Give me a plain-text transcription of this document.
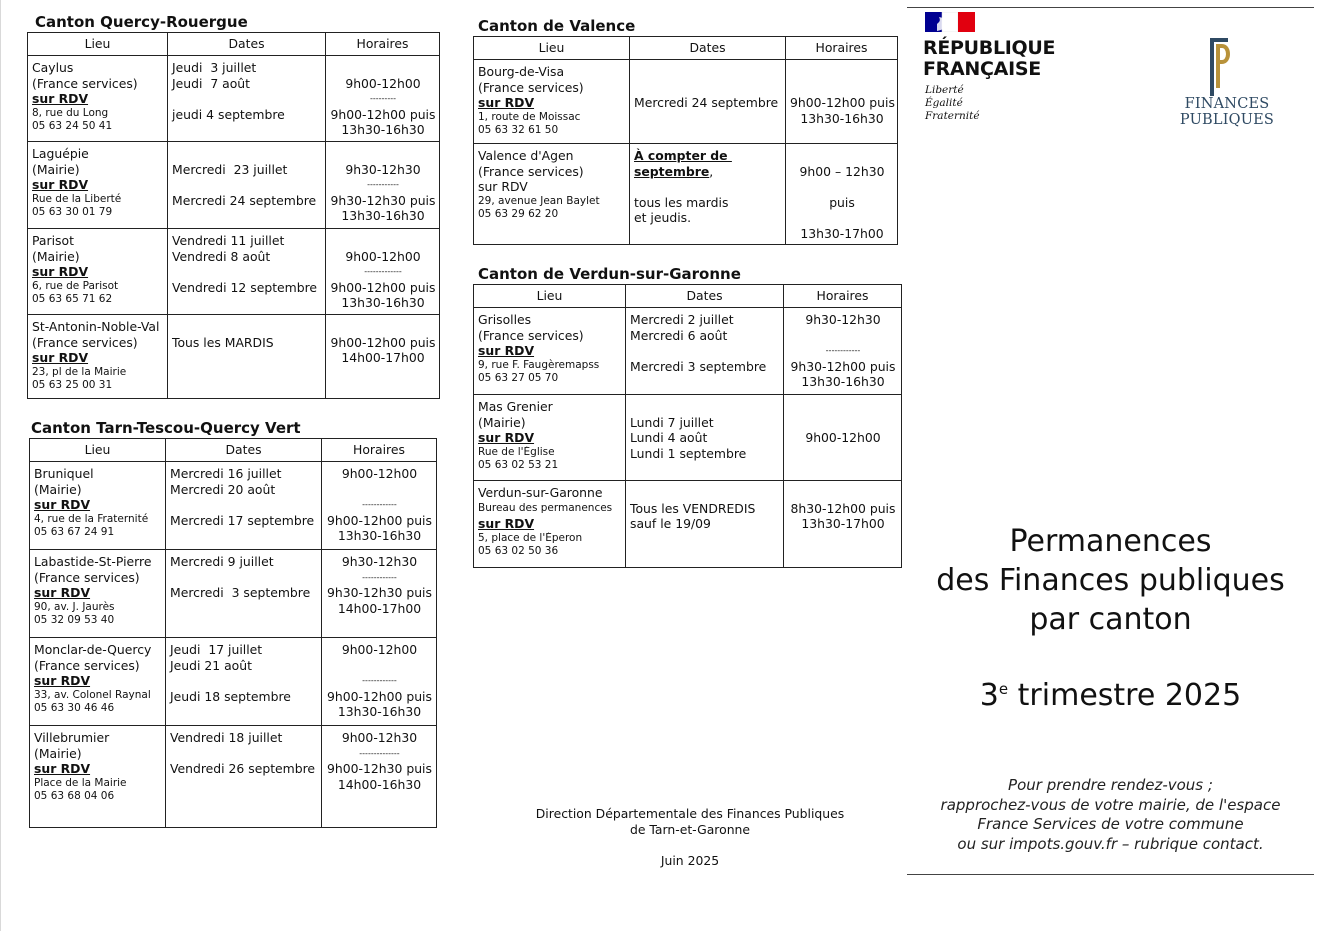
Canton Quercy-Rouergue
Lieu	Dates	Horaires

Caylus
(France services)
sur RDV
8, rue du Long
05 63 24 50 41	Jeudi  3 juillet
Jeudi  7 août
jeudi 4 septembre	9h00-12h00
---------
9h00-12h00 puis
13h30-16h30

Laguépie
(Mairie)
sur RDV
Rue de la Liberté
05 63 30 01 79	Mercredi  23 juillet
Mercredi 24 septembre	9h30-12h30
-----------
9h30-12h30 puis
13h30-16h30

Parisot
(Mairie)
sur RDV
6, rue de Parisot
05 63 65 71 62	Vendredi 11 juillet
Vendredi 8 août
Vendredi 12 septembre	9h00-12h00
-------------
9h00-12h00 puis
13h30-16h30

St-Antonin-Noble-Val
(France services)
sur RDV
23, pl de la Mairie
05 63 25 00 31	Tous les MARDIS	9h00-12h00 puis
14h00-17h00
Canton Tarn-Tescou-Quercy Vert
Lieu	Dates	Horaires

Bruniquel
(Mairie)
sur RDV
4, rue de la Fraternité
05 63 67 24 91	Mercredi 16 juillet
Mercredi 20 août
Mercredi 17 septembre	9h00-12h00
------------
9h00-12h00 puis
13h30-16h30

Labastide-St-Pierre
(France services)
sur RDV
90, av. J. Jaurès
05 32 09 53 40	Mercredi 9 juillet
Mercredi  3 septembre	9h30-12h30
------------
9h30-12h30 puis
14h00-17h00

Monclar-de-Quercy
(France services)
sur RDV
33, av. Colonel Raynal
05 63 30 46 46	Jeudi  17 juillet
Jeudi 21 août
Jeudi 18 septembre	9h00-12h00
------------
9h00-12h00 puis
13h30-16h30

Villebrumier
(Mairie)
sur RDV
Place de la Mairie
05 63 68 04 06	Vendredi 18 juillet
Vendredi 26 septembre	9h00-12h30
--------------
9h00-12h30 puis
14h00-16h30
Canton de Valence
Lieu	Dates	Horaires

Bourg-de-Visa
(France services)
sur RDV
1, route de Moissac
05 63 32 61 50	Mercredi 24 septembre	9h00-12h00 puis
13h30-16h30

Valence d'Agen
(France services)
sur RDV
29, avenue Jean Baylet
05 63 29 62 20	À compter de
septembre,
tous les mardis
et jeudis.	9h00 – 12h30
puis
13h30-17h00
Canton de Verdun-sur-Garonne
Lieu	Dates	Horaires

Grisolles
(France services)
sur RDV
9, rue F. Faugèremapss
05 63 27 05 70	Mercredi 2 juillet
Mercredi 6 août
Mercredi 3 septembre	9h30-12h30
------------
9h30-12h00 puis
13h30-16h30

Mas Grenier
(Mairie)
sur RDV
Rue de l'Église
05 63 02 53 21	Lundi 7 juillet
Lundi 4 août
Lundi 1 septembre	9h00-12h00

Verdun-sur-Garonne
Bureau des permanences
sur RDV
5, place de l'Éperon
05 63 02 50 36	Tous les VENDREDIS
sauf le 19/09	8h30-12h00 puis
13h30-17h00
Direction Départementale des Finances Publiques
de Tarn-et-Garonne
Juin 2025
RÉPUBLIQUE
FRANÇAISE
Liberté
Égalité
Fraternité
FINANCES PUBLIQUES
Permanences
des Finances publiques
par canton
3e trimestre 2025
Pour prendre rendez-vous ;
rapprochez-vous de votre mairie, de l'espace
France Services de votre commune
ou sur impots.gouv.fr – rubrique contact.
